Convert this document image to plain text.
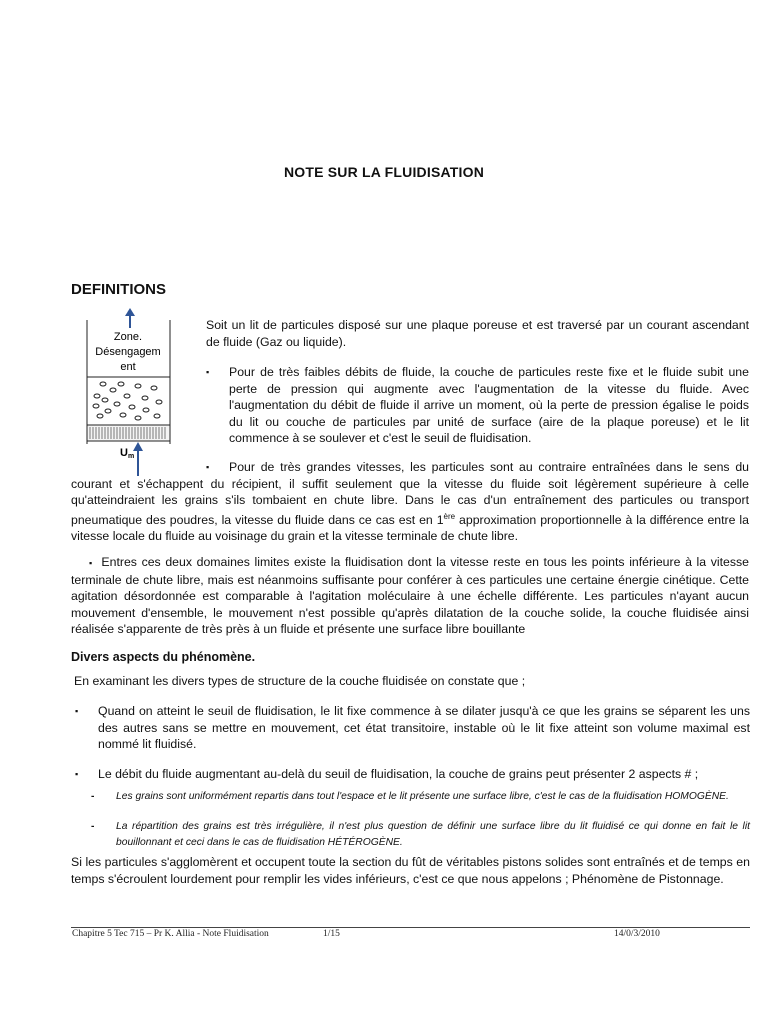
NOTE SUR LA FLUIDISATION
DEFINITIONS
Zone.
Désengagem
ent
Um
Soit un lit de particules disposé sur une plaque poreuse et est traversé par un courant ascendant de fluide (Gaz ou liquide).
▪ Pour de très faibles débits de fluide, la couche de particules reste fixe et le fluide subit une perte de pression qui augmente avec l'augmentation de la vitesse du fluide. Avec l'augmentation du débit de fluide il arrive un moment, où la perte de pression égalise le poids du lit ou couche de particules par unité de surface (aire de la plaque poreuse) et le lit commence à se soulever et c'est le seuil de fluidisation.
▪	Pour de très grandes vitesses, les particules sont au contraire entraînées dans le sens du courant et s'échappent du récipient, il suffit seulement que la vitesse du fluide soit légèrement supérieure à celle qu'atteindraient les grains s'ils tombaient en chute libre. Dans le cas d'un entraînement des particules ou transport pneumatique des poudres, la vitesse du fluide dans ce cas est en 1ère approximation proportionnelle à la différence entre la vitesse locale du fluide au voisinage du grain et la vitesse terminale de chute libre.
▪ Entres ces deux domaines limites existe la fluidisation dont la vitesse reste en tous les points inférieure à la vitesse terminale de chute libre, mais est néanmoins suffisante pour conférer à ces particules une certaine énergie cinétique. Cette agitation désordonnée est comparable à l'agitation moléculaire à une échelle différente. Les particules n'ayant aucun mouvement d'ensemble, le mouvement n'est possible qu'après dilatation de la couche solide, la couche fluidisée ainsi réalisée s'apparente de très près à un fluide et présente une surface libre bouillante
Divers aspects du phénomène.
En examinant les divers types de structure de la couche fluidisée on constate que ;
▪ Quand on atteint le seuil de fluidisation, le lit fixe commence à se dilater jusqu'à ce que les grains se séparent les uns des autres sans se mettre en mouvement, cet état transitoire, instable où le lit fixe atteint son volume maximal est nommé lit fluidisé.
▪ Le débit du fluide augmentant au-delà du seuil de fluidisation, la couche de grains peut présenter 2 aspects # ;
- Les grains sont uniformément repartis dans tout l'espace et le lit présente une surface libre, c'est le cas de la fluidisation HOMOGÈNE.
- La répartition des grains est très irrégulière, il n'est plus question de définir une surface libre du lit fluidisé ce qui donne en fait le lit bouillonnant et ceci dans le cas de fluidisation HÉTÉROGÈNE.
Si les particules s'agglomèrent et occupent toute la section du fût de véritables pistons solides sont entraînés et de temps en temps s'écroulent lourdement pour remplir les vides inférieurs, c'est ce que nous appelons ; Phénomène de Pistonnage.
Chapitre 5 Tec 715 – Pr K. Allia - Note Fluidisation	1/15	14/0/3/2010
